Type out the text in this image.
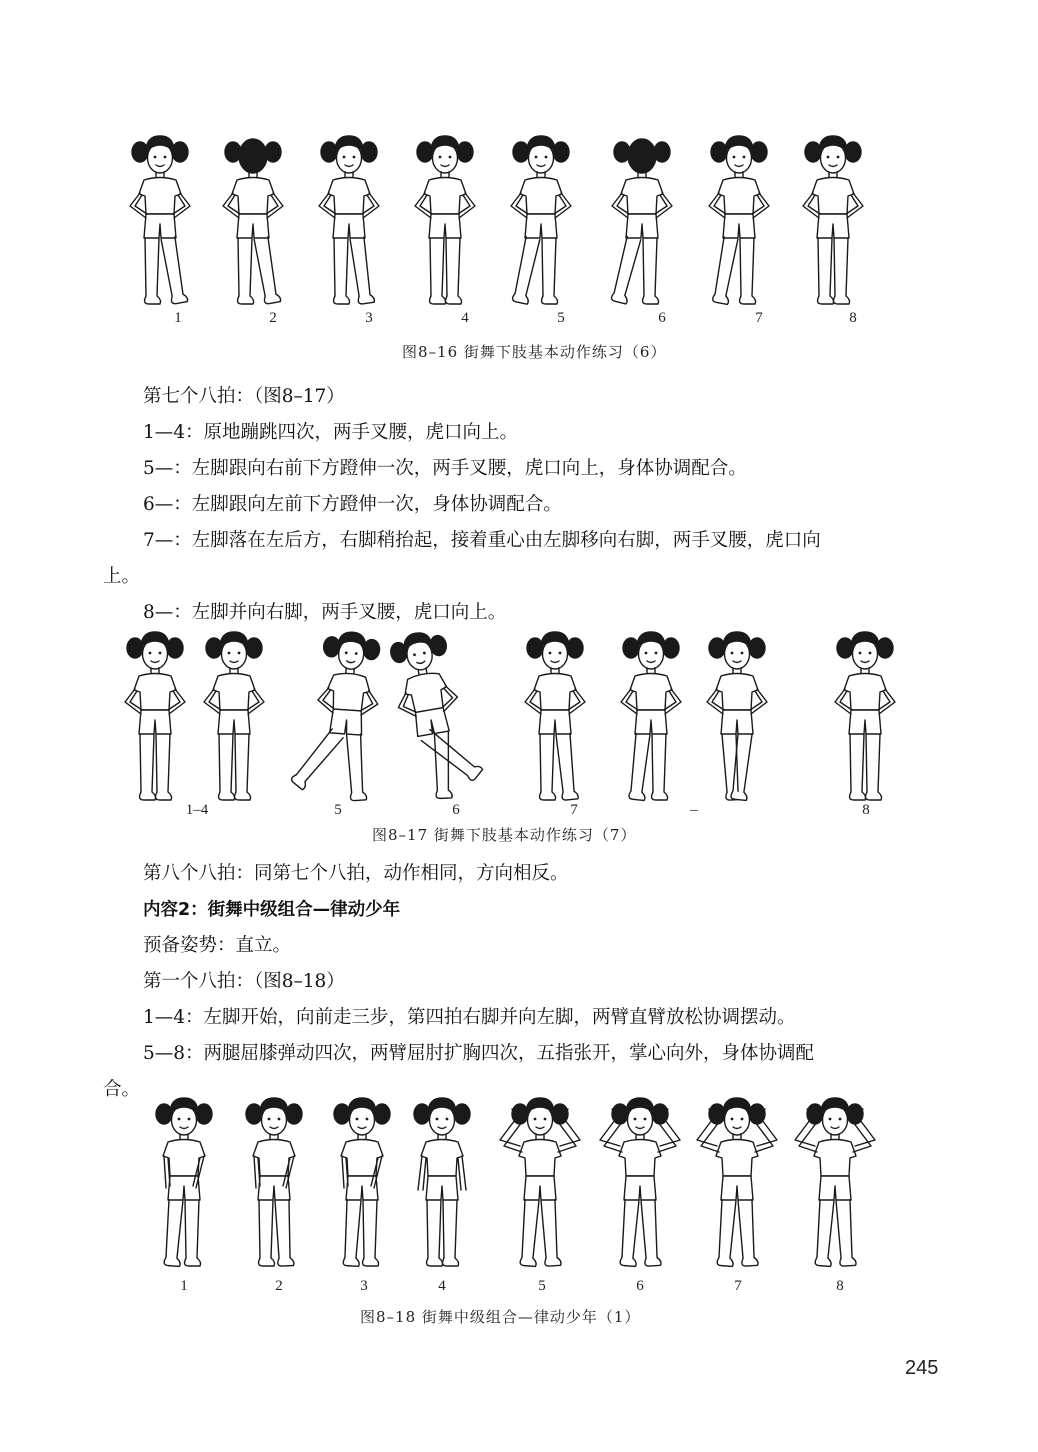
1	2	3	4	5	6	7	8
图8–16 街舞下肢基本动作练习（6）
第七个八拍：（图8–17）
1—4：原地蹦跳四次，两手叉腰，虎口向上。
5—：左脚跟向右前下方蹬伸一次，两手叉腰，虎口向上，身体协调配合。
6—：左脚跟向左前下方蹬伸一次，身体协调配合。
7—：左脚落在左后方，右脚稍抬起，接着重心由左脚移向右脚，两手叉腰，虎口向
上。
8—：左脚并向右脚，两手叉腰，虎口向上。
1–4	5	6	7	–	8
图8–17 街舞下肢基本动作练习（7）
第八个八拍：同第七个八拍，动作相同，方向相反。
内容2：街舞中级组合—律动少年
预备姿势：直立。
第一个八拍：（图8–18）
1—4：左脚开始，向前走三步，第四拍右脚并向左脚，两臂直臂放松协调摆动。
5—8：两腿屈膝弹动四次，两臂屈肘扩胸四次，五指张开，掌心向外，身体协调配
合。
1	2	3	4	5	6	7	8
图8–18 街舞中级组合—律动少年（1）
245
